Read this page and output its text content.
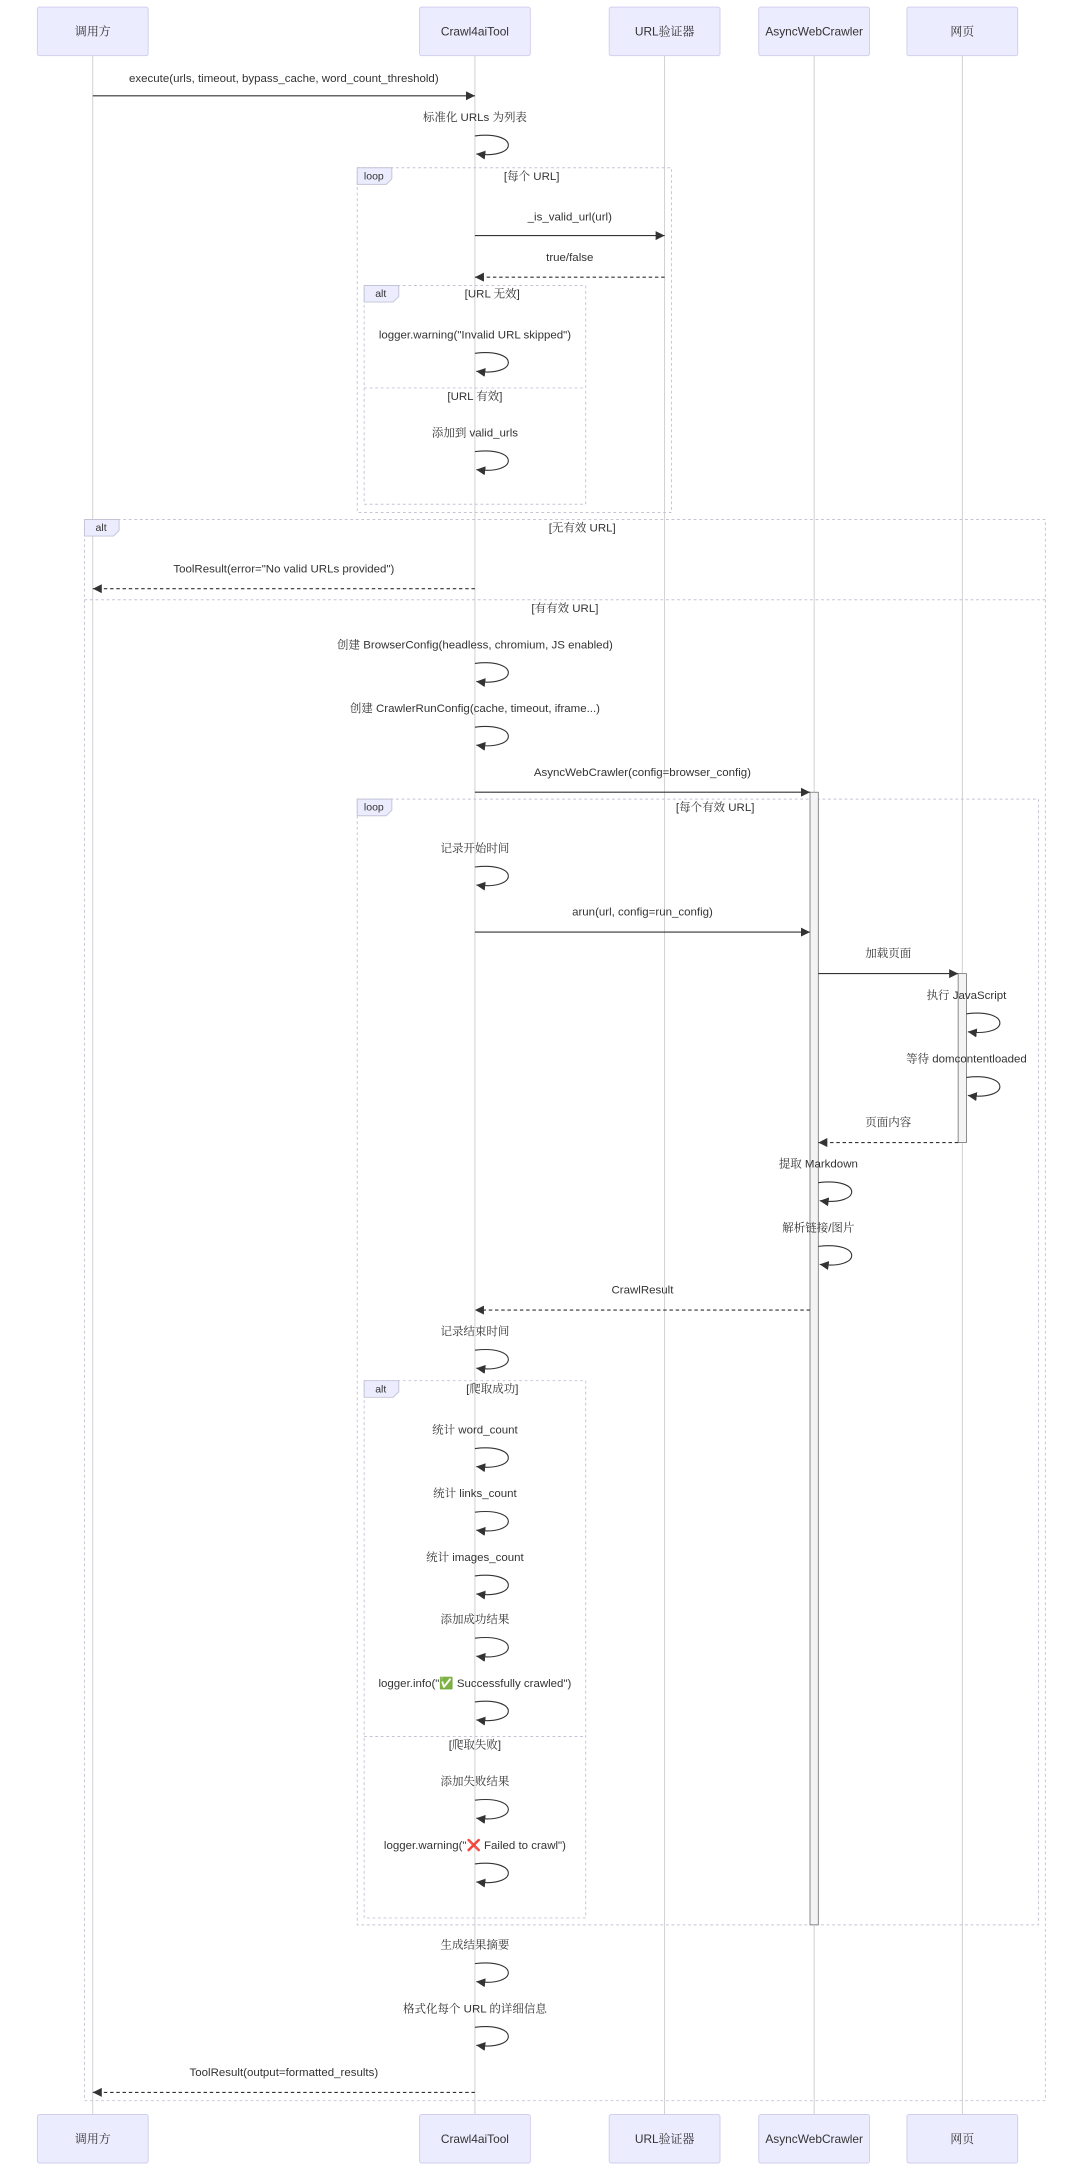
loop	[每个 URL]
alt	[URL 无效]
[URL 有效]
alt	[无有效 URL]
[有有效 URL]
loop	[每个有效 URL]
alt	[爬取成功]
[爬取失败]
execute(urls, timeout, bypass_cache, word_count_threshold)
标准化 URLs 为列表
_is_valid_url(url)
true/false
logger.warning("Invalid URL skipped")
添加到 valid_urls
ToolResult(error="No valid URLs provided")
创建 BrowserConfig(headless, chromium, JS enabled)
创建 CrawlerRunConfig(cache, timeout, iframe...)
AsyncWebCrawler(config=browser_config)
记录开始时间
arun(url, config=run_config)
加载页面
执行 JavaScript
等待 domcontentloaded
页面内容
提取 Markdown
解析链接/图片
CrawlResult
记录结束时间
统计 word_count
统计 links_count
统计 images_count
添加成功结果
logger.info("✅ Successfully crawled")
添加失败结果
logger.warning("❌ Failed to crawl")
生成结果摘要
格式化每个 URL 的详细信息
ToolResult(output=formatted_results)
调用方	Crawl4aiTool	URL验证器	AsyncWebCrawler	网页
调用方	Crawl4aiTool	URL验证器	AsyncWebCrawler	网页
